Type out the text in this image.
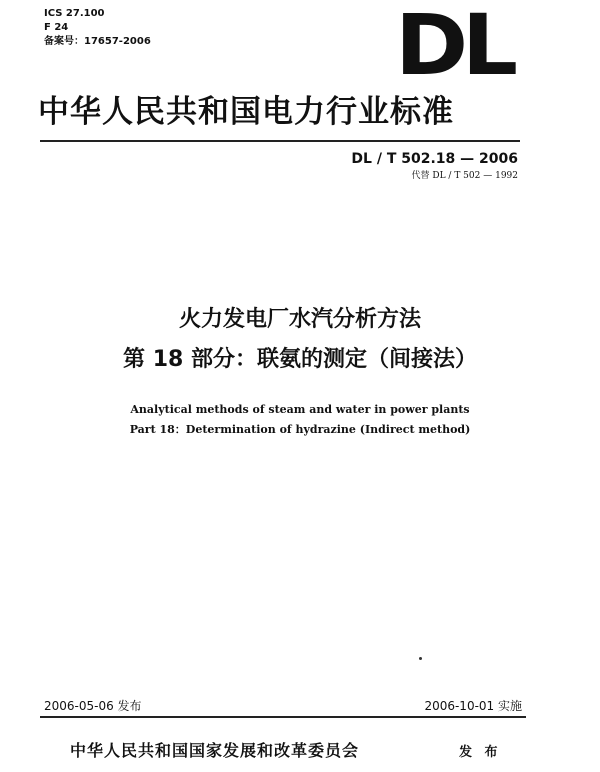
ICS 27.100
F 24
备案号：17657-2006	DL
中华人民共和国电力行业标准
DL / T 502.18 — 2006
代替 DL / T 502 — 1992
火力发电厂水汽分析方法
第 18 部分：联氨的测定（间接法）
Analytical methods of steam and water in power plants
Part 18：Determination of hydrazine (Indirect method)
2006-05-06 发布	2006-10-01 实施
中华人民共和国国家发展和改革委员会	发 布
